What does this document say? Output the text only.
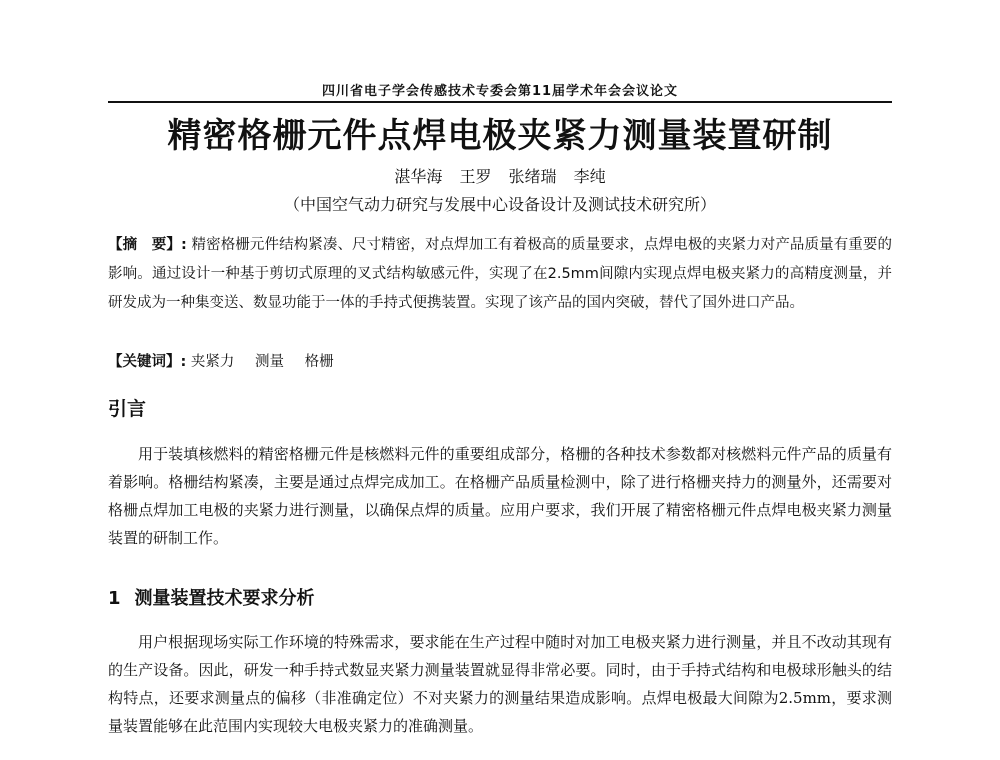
四川省电子学会传感技术专委会第11届学术年会会议论文
精密格栅元件点焊电极夹紧力测量装置研制
湛华海 王罗 张绪瑞 李纯
（中国空气动力研究与发展中心设备设计及测试技术研究所）
【摘　要】: 精密格栅元件结构紧凑、尺寸精密，对点焊加工有着极高的质量要求，点焊电极的夹紧力对产品质量有重要的影响。通过设计一种基于剪切式原理的叉式结构敏感元件，实现了在2.5mm间隙内实现点焊电极夹紧力的高精度测量，并研发成为一种集变送、数显功能于一体的手持式便携装置。实现了该产品的国内突破，替代了国外进口产品。
【关键词】: 夹紧力 测量 格栅
引言
用于装填核燃料的精密格栅元件是核燃料元件的重要组成部分，格栅的各种技术参数都对核燃料元件产品的质量有着影响。格栅结构紧凑，主要是通过点焊完成加工。在格栅产品质量检测中，除了进行格栅夹持力的测量外，还需要对格栅点焊加工电极的夹紧力进行测量，以确保点焊的质量。应用户要求，我们开展了精密格栅元件点焊电极夹紧力测量装置的研制工作。
1 测量装置技术要求分析
用户根据现场实际工作环境的特殊需求，要求能在生产过程中随时对加工电极夹紧力进行测量，并且不改动其现有的生产设备。因此，研发一种手持式数显夹紧力测量装置就显得非常必要。同时，由于手持式结构和电极球形触头的结构特点，还要求测量点的偏移（非准确定位）不对夹紧力的测量结果造成影响。点焊电极最大间隙为2.5mm，要求测量装置能够在此范围内实现较大电极夹紧力的准确测量。
